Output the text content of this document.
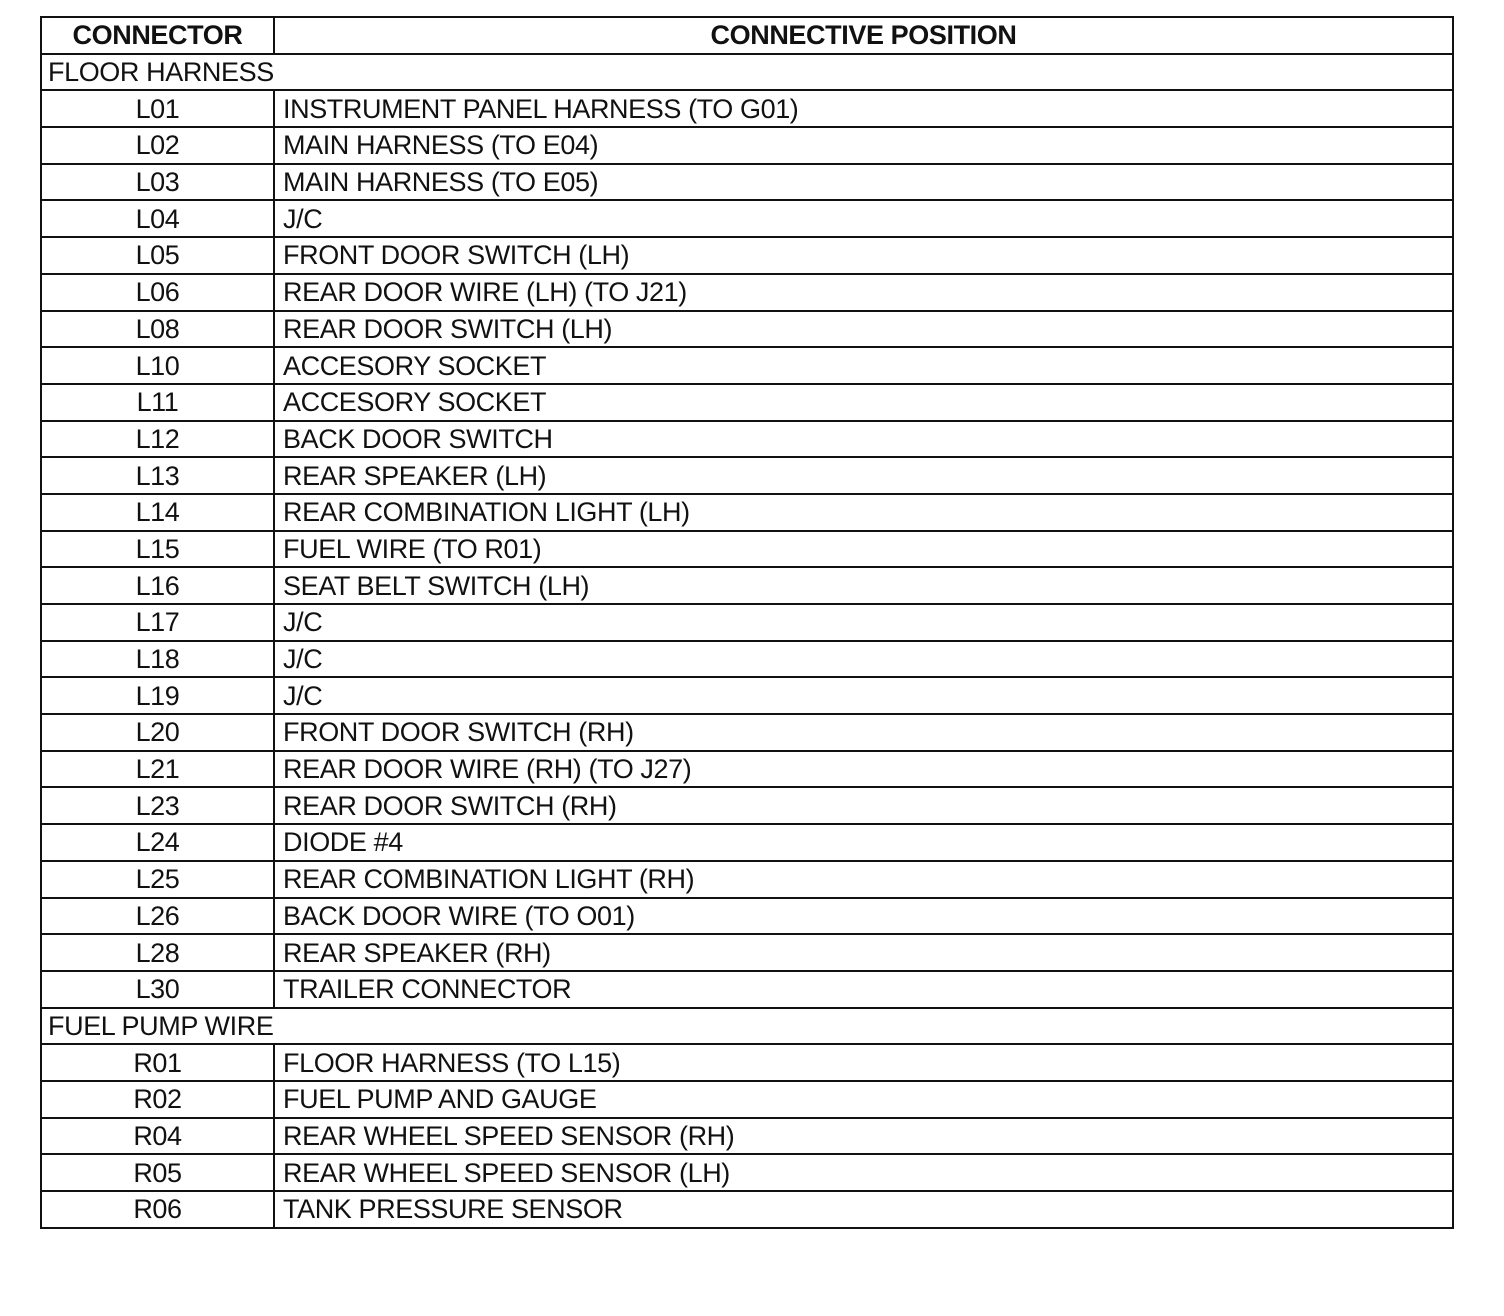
CONNECTOR	CONNECTIVE POSITION
FLOOR HARNESS	
L01	INSTRUMENT PANEL HARNESS (TO G01)
L02	MAIN HARNESS (TO E04)
L03	MAIN HARNESS (TO E05)
L04	J/C
L05	FRONT DOOR SWITCH (LH)
L06	REAR DOOR WIRE (LH) (TO J21)
L08	REAR DOOR SWITCH (LH)
L10	ACCESORY SOCKET
L11	ACCESORY SOCKET
L12	BACK DOOR SWITCH
L13	REAR SPEAKER (LH)
L14	REAR COMBINATION LIGHT (LH)
L15	FUEL WIRE (TO R01)
L16	SEAT BELT SWITCH (LH)
L17	J/C
L18	J/C
L19	J/C
L20	FRONT DOOR SWITCH (RH)
L21	REAR DOOR WIRE (RH) (TO J27)
L23	REAR DOOR SWITCH (RH)
L24	DIODE #4
L25	REAR COMBINATION LIGHT (RH)
L26	BACK DOOR WIRE (TO O01)
L28	REAR SPEAKER (RH)
L30	TRAILER CONNECTOR
FUEL PUMP WIRE	
R01	FLOOR HARNESS (TO L15)
R02	FUEL PUMP AND GAUGE
R04	REAR WHEEL SPEED SENSOR (RH)
R05	REAR WHEEL SPEED SENSOR (LH)
R06	TANK PRESSURE SENSOR
